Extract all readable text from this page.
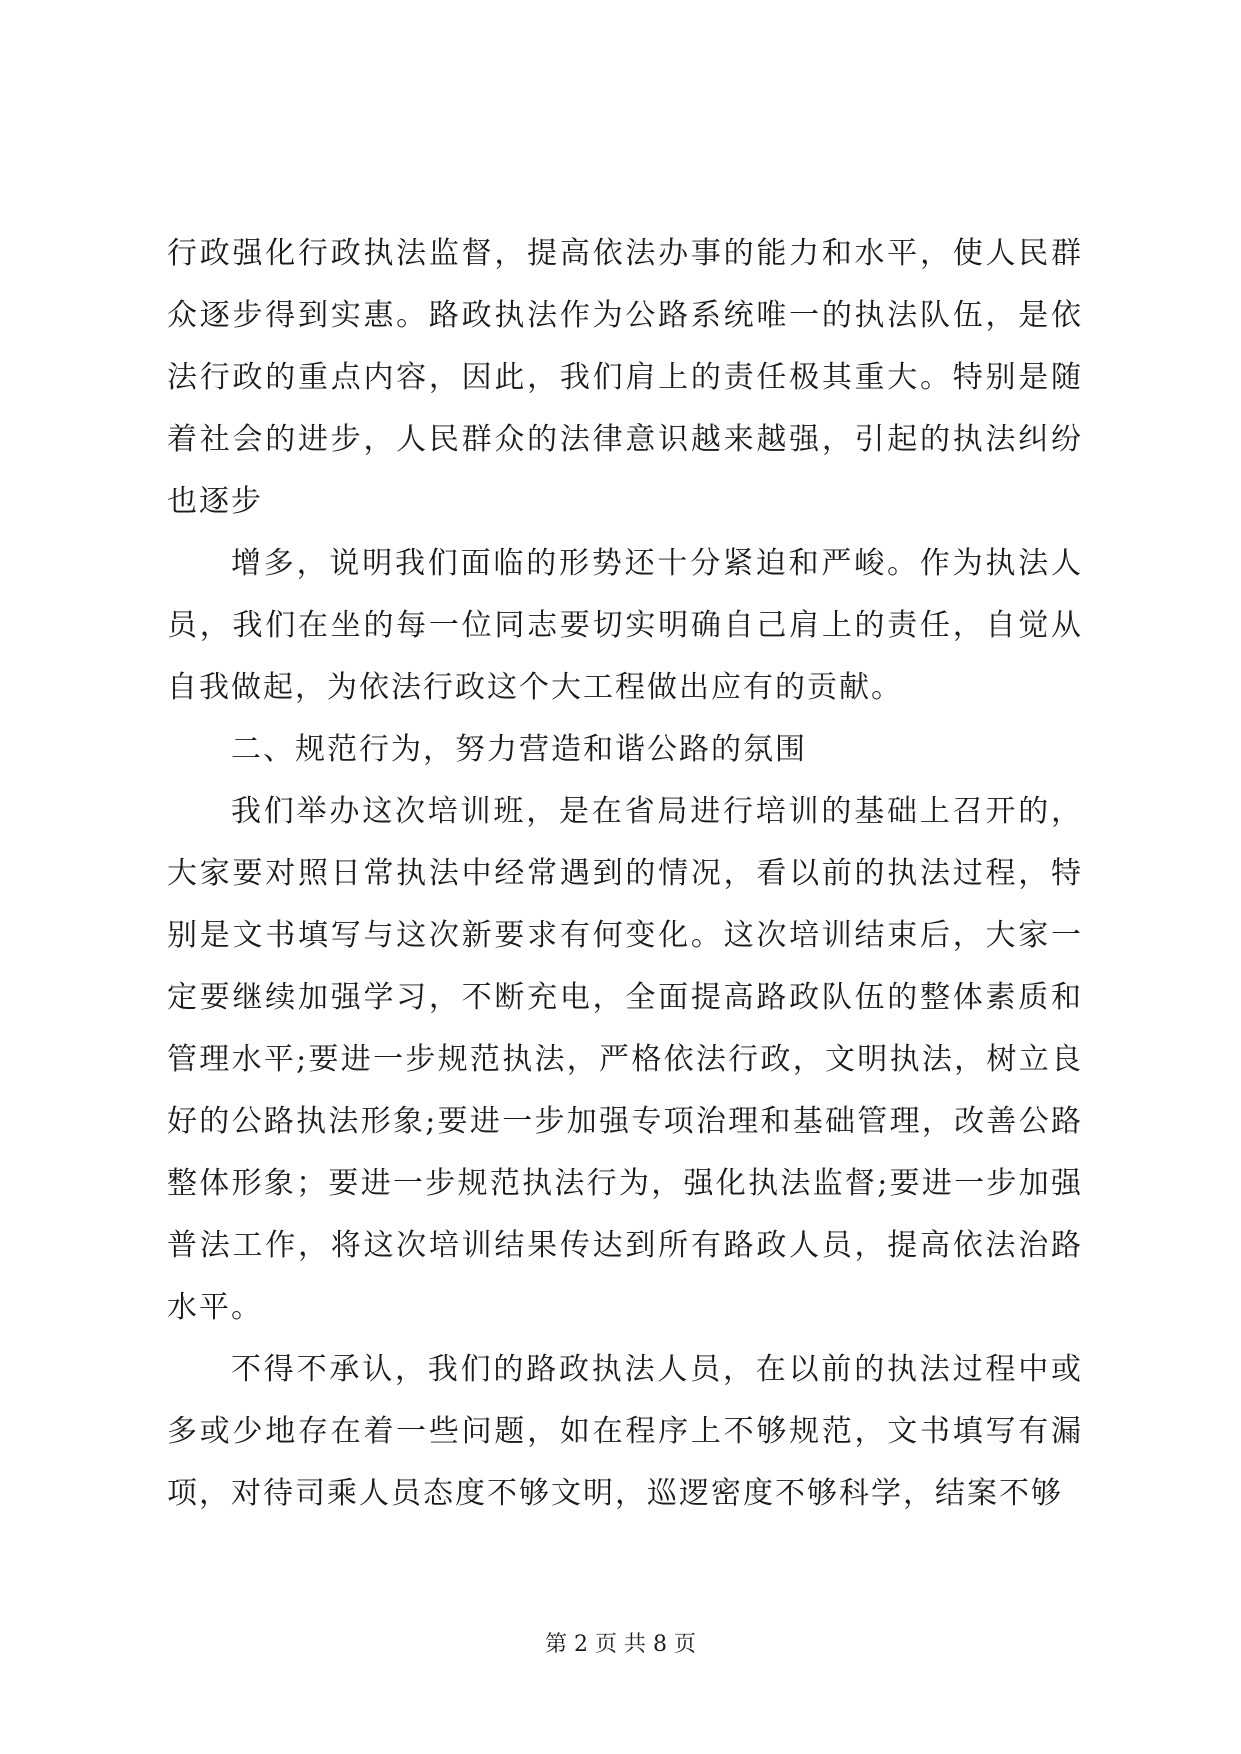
行政强化行政执法监督，提高依法办事的能力和水平，使人民群众逐步得到实惠。路政执法作为公路系统唯一的执法队伍，是依法行政的重点内容，因此，我们肩上的责任极其重大。特别是随着社会的进步，人民群众的法律意识越来越强，引起的执法纠纷也逐步

增多，说明我们面临的形势还十分紧迫和严峻。作为执法人员，我们在坐的每一位同志要切实明确自己肩上的责任，自觉从自我做起，为依法行政这个大工程做出应有的贡献。

二、规范行为，努力营造和谐公路的氛围

我们举办这次培训班，是在省局进行培训的基础上召开的，大家要对照日常执法中经常遇到的情况，看以前的执法过程，特别是文书填写与这次新要求有何变化。这次培训结束后，大家一定要继续加强学习，不断充电，全面提高路政队伍的整体素质和管理水平;要进一步规范执法，严格依法行政，文明执法，树立良好的公路执法形象;要进一步加强专项治理和基础管理，改善公路整体形象；要进一步规范执法行为，强化执法监督;要进一步加强普法工作，将这次培训结果传达到所有路政人员，提高依法治路水平。

不得不承认，我们的路政执法人员，在以前的执法过程中或多或少地存在着一些问题，如在程序上不够规范，文书填写有漏项，对待司乘人员态度不够文明，巡逻密度不够科学，结案不够

第 2 页 共 8 页
